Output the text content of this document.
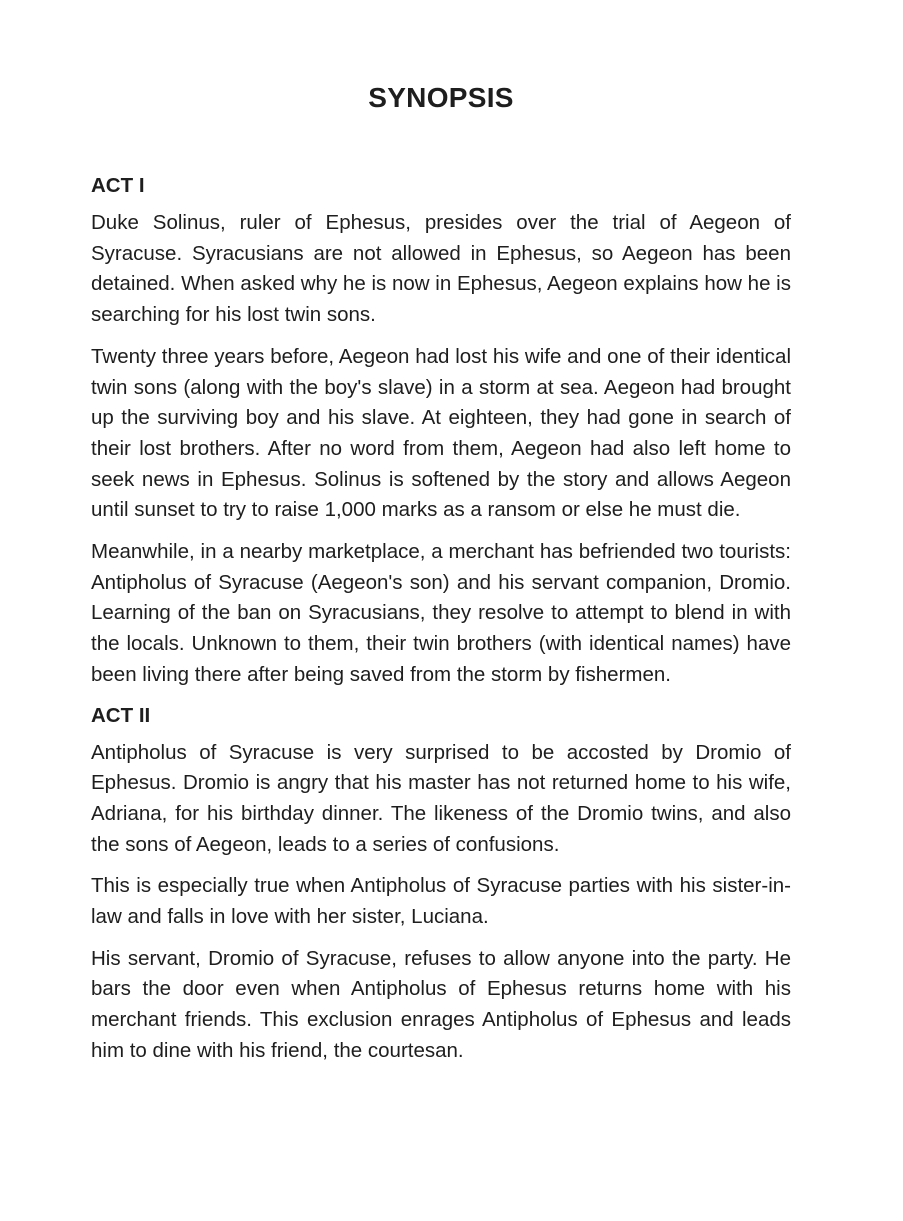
SYNOPSIS
ACT I

Duke Solinus, ruler of Ephesus, presides over the trial of Aegeon of Syracuse. Syracusians are not allowed in Ephesus, so Aegeon has been detained. When asked why he is now in Ephesus, Aegeon explains how he is searching for his lost twin sons.

Twenty three years before, Aegeon had lost his wife and one of their identical twin sons (along with the boy's slave) in a storm at sea. Aegeon had brought up the surviving boy and his slave. At eighteen, they had gone in search of their lost brothers. After no word from them, Aegeon had also left home to seek news in Ephesus. Solinus is softened by the story and allows Aegeon until sunset to try to raise 1,000 marks as a ransom or else he must die.

Meanwhile, in a nearby marketplace, a merchant has befriended two tourists: Antipholus of Syracuse (Aegeon's son) and his servant companion, Dromio. Learning of the ban on Syracusians, they resolve to attempt to blend in with the locals. Unknown to them, their twin brothers (with identical names) have been living there after being saved from the storm by fishermen.

ACT II

Antipholus of Syracuse is very surprised to be accosted by Dromio of Ephesus. Dromio is angry that his master has not returned home to his wife, Adriana, for his birthday dinner. The likeness of the Dromio twins, and also the sons of Aegeon, leads to a series of confusions.

This is especially true when Antipholus of Syracuse parties with his sister-in-law and falls in love with her sister, Luciana.

His servant, Dromio of Syracuse, refuses to allow anyone into the party. He bars the door even when Antipholus of Ephesus returns home with his merchant friends. This exclusion enrages Antipholus of Ephesus and leads him to dine with his friend, the courtesan.
